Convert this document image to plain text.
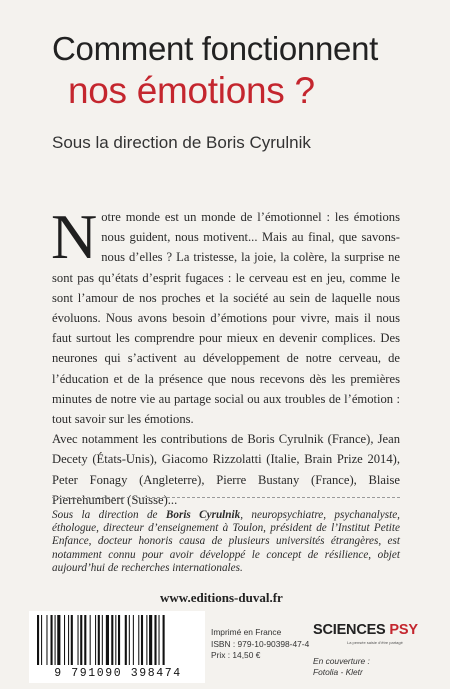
Comment fonctionnent
nos émotions ?
Sous la direction de Boris Cyrulnik

Notre monde est un monde de l’émotionnel : les émotions nous guident, nous motivent... Mais au final, que savons-nous d’elles ? La tristesse, la joie, la colère, la surprise ne sont pas qu’états d’esprit fugaces : le cerveau est en jeu, comme le sont l’amour de nos proches et la société au sein de laquelle nous évoluons. Nous avons besoin d’émotions pour vivre, mais il nous faut surtout les comprendre pour mieux en devenir complices. Des neurones qui s’activent au développement de notre cerveau, de l’éducation et de la présence que nous recevons dès les premières minutes de notre vie au partage social ou aux troubles de l’émotion : tout savoir sur les émotions.

Avec notamment les contributions de Boris Cyrulnik (France), Jean Decety (États-Unis), Giacomo Rizzolatti (Italie, Brain Prize 2014), Peter Fonagy (Angleterre), Pierre Bustany (France), Blaise Pierrehumbert (Suisse)...

Sous la direction de Boris Cyrulnik, neuropsychiatre, psychanalyste, éthologue, directeur d’enseignement à Toulon, président de l’Institut Petite Enfance, docteur honoris causa de plusieurs universités étrangères, est notamment connu pour avoir développé le concept de résilience, objet aujourd’hui de recherches internationales.
www.editions-duval.fr
9 791090 398474
Imprimé en France
ISBN : 979-10-90398-47-4
Prix : 14,50 €
SCIENCES PSY
La pensée saisie d’être partagé
En couverture :
Fotolia - Kletr
